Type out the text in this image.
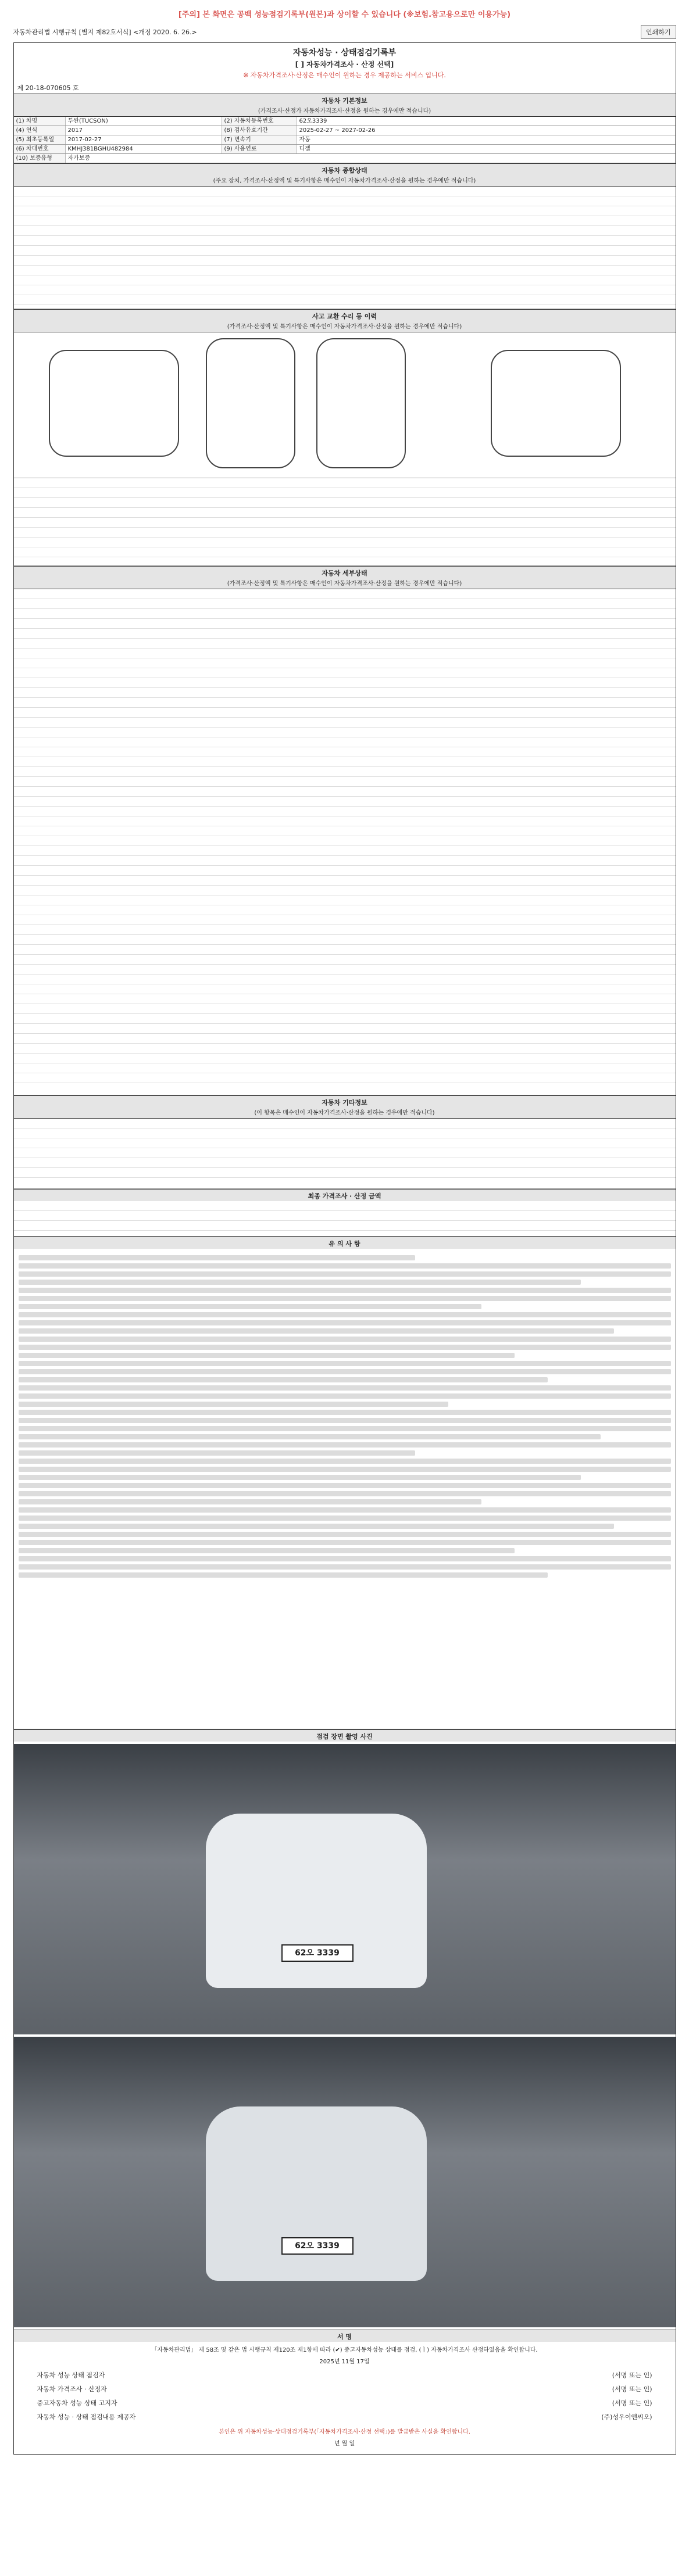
[주의] 본 화면은 공백 성능점검기록부(원본)과 상이할 수 있습니다 (※보험.참고용으로만 이용가능)
자동차관리법 시행규칙 [별지 제82호서식] <개정 2020. 6. 26.>	인쇄하기
자동차성능 · 상태점검기록부
[ ] 자동차가격조사 · 산정 선택]
※ 자동차가격조사·산정은 매수인이 원하는 경우 제공하는 서비스 입니다.
제 20-18-070605 호
자동차 기본정보
(가격조사·산정가 자동차가격조사·산정을 원하는 경우에만 적습니다)
(1) 차명	투싼(TUCSON)	(2) 자동차등록번호	62오3339
(4) 연식	2017	(8) 검사유효기간	2025-02-27 ~ 2027-02-26
(5) 최초등록일	2017-02-27	(7) 변속기	자동
(6) 차대번호	KMHJ381BGHU482984	(9) 사용연료	디젤
(10) 보증유형	자가보증
자동차 종합상태
(주요 장치, 가격조사·산정액 및 특기사항은 매수인이 자동차가격조사·산정을 원하는 경우에만 적습니다)
사고 교환 수리 등 이력
(가격조사·산정액 및 특기사항은 매수인이 자동차가격조사·산정을 원하는 경우에만 적습니다)
자동차 세부상태
(가격조사·산정액 및 특기사항은 매수인이 자동차가격조사·산정을 원하는 경우에만 적습니다)
자동차 기타정보
(이 항목은 매수인이 자동차가격조사·산정을 원하는 경우에만 적습니다)
최종 가격조사 · 산정 금액
유 의 사 항
점검 장면 촬영 사진
62오 3339
62오 3339
서 명
「자동차관리법」 제 58조 및 같은 법 시행규칙 제120조 제1항에 따라 (✔) 중고자동차성능 상태를 점검, (ㅣ) 자동차가격조사 산정하였음을 확인합니다.
2025년 11월 17일
자동차 성능 상태 점검자	(서명 또는 인)
자동차 가격조사 · 산정자	(서명 또는 인)
중고자동차 성능 상태 고지자	(서명 또는 인)
자동차 성능 · 상태 점검내용 제공자	(주)성우이앤씨오)
본인은 위 자동차성능·상태점검기록부(「자동차가격조사·산정 선택」)를 발급받은 사실을 확인합니다.
년 월 일
